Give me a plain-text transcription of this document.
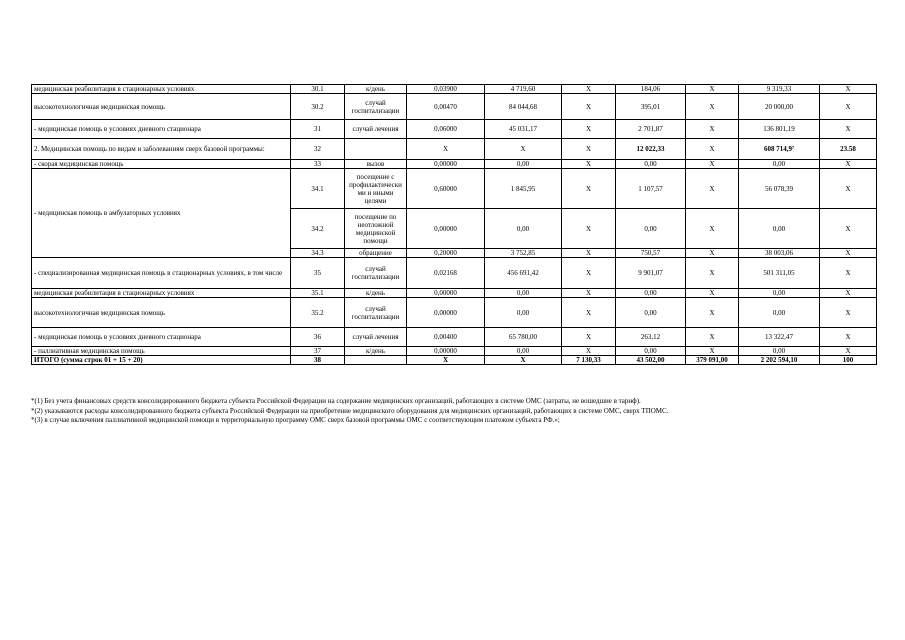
медицинская реабилитация в стационарных условиях	30.1	к/день	0,03900	4 719,60	X	184,06	X	9 319,33	X
высокотехнологичная медицинская помощь	30.2	случай госпитализации	0,00470	84 044,68	X	395,01	X	20 000,00	X
- медицинская помощь в условиях дневного стационара	31	случай лечения	0,06000	45 031,17	X	2 701,87	X	136 801,19	X
2. Медицинская помощь по видам и заболеваниям сверх базовой программы:	32		X	X	X	12 022,33	X	608 714,9⁷	23.58
- скорая медицинская помощь	33	вызов	0,00000	0,00	X	0,00	X	0,00	X
- медицинская помощь в амбулаторных условиях	34.1	посещение с профилактическими и иными целями	0,60000	1 845,95	X	1 107,57	X	56 078,39	X
	34.2	посещение по неотложной медицинской помощи	0,00000	0,00	X	0,00	X	0,00	X
	34.3	обращение	0,20000	3 752,85	X	750,57	X	38 003,06	X
- специализированная медицинская помощь в стационарных условиях, в том числе	35	случай госпитализации	0,02168	456 691,42	X	9 901,07	X	501 311,05	X
медицинская реабилитация в стационарных условиях	35.1	к/день	0,00000	0,00	X	0,00	X	0,00	X
высокотехнологичная медицинская помощь	35.2	случай госпитализации	0,00000	0,00	X	0,00	X	0,00	X
- медицинская помощь в условиях дневного стационара	36	случай лечения	0,00400	65 780,00	X	263,12	X	13 322,47	X
- паллиативная медицинская помощь	37	к/день	0,00000	0,00	X	0,00	X	0,00	X
ИТОГО (сумма строк 01 + 15 + 20)	38		X	X	7 130,33	43 502,00	379 091,00	2 202 594,10	100
*(1) Без учета финансовых средств консолидированного бюджета субъекта Российской Федерации на содержание медицинских организаций, работающих в системе ОМС (затраты, не вошедшие в тариф).
*(2) указываются расходы консолидированного бюджета субъекта Российской Федерации на приобретение медицинского оборудования для медицинских организаций, работающих в системе ОМС, сверх ТПОМС.
*(3) в случае включения паллиативной медицинской помощи в территориальную программу ОМС сверх базовой программы ОМС с соответствующим платежом субъекта РФ.»;
